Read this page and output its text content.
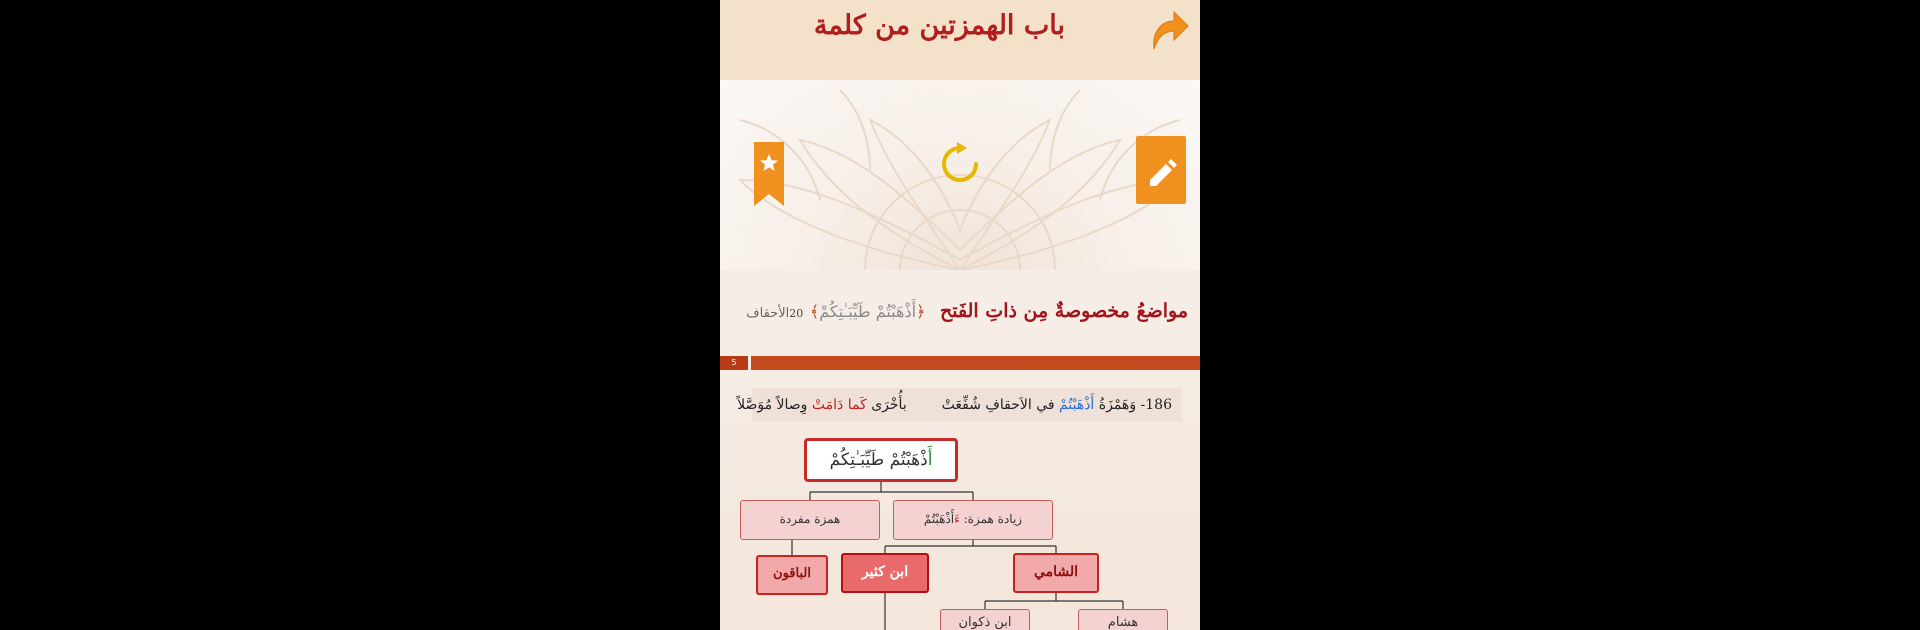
باب الهمزتين من كلمة
مواضعُ مخصوصةٌ مِن ذاتِ الفَتح ﴿أَذْهَبْتُمْ طَيِّبَـٰتِكُمْ﴾ 20الأحقاف
5
186- وَهَمْزَةُ أَذْهَبْتُمْ في الاَحقافِ شُفِّعَتْ  بأُخْرَى كَما دَامَتْ وِصالاً مُوَصَّلاً
أَذْهَبْتُمْ طَيِّبَـٰتِكُمْ
همزة مفردة	زيادة همزة: ءَأَذْهَبْتُمْ
الباقون	ابن كثير	الشامي
ابن ذكوان	هشام
